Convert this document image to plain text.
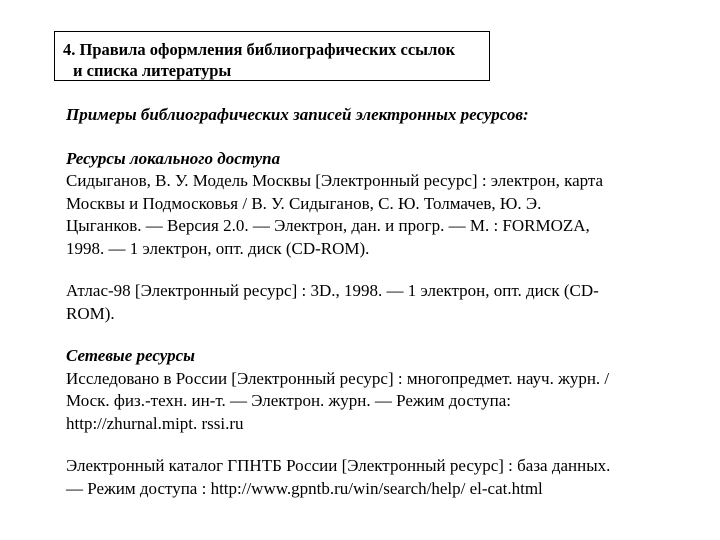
4. Правила оформления библиографических ссылок
и списка литературы

Примеры библиографических записей электронных ресурсов:

Ресурсы локального доступа

Сидыганов, В. У. Модель Москвы [Электронный ресурс] : электрон, карта
Москвы и Подмосковья / В. У. Сидыганов, С. Ю. Толмачев, Ю. Э.

Цыганков. — Версия 2.0. — Электрон, дан. и прогр. — М. : FORMOZA,
1998. — 1 электрон, опт. диск (CD-ROM).

Атлас-98 [Электронный ресурс] : 3D., 1998. — 1 электрон, опт. диск (CD-
ROM).

Сетевые ресурсы

Исследовано в России [Электронный ресурс] : многопредмет. науч. журн. /
Моск. физ.-техн. ин-т. — Электрон. журн. — Режим доступа:
http://zhurnal.mipt. rssi.ru

Электронный каталог ГПНТБ России [Электронный ресурс] : база данных.
— Режим доступа : http://www.gpntb.ru/win/search/help/ el-cat.html
